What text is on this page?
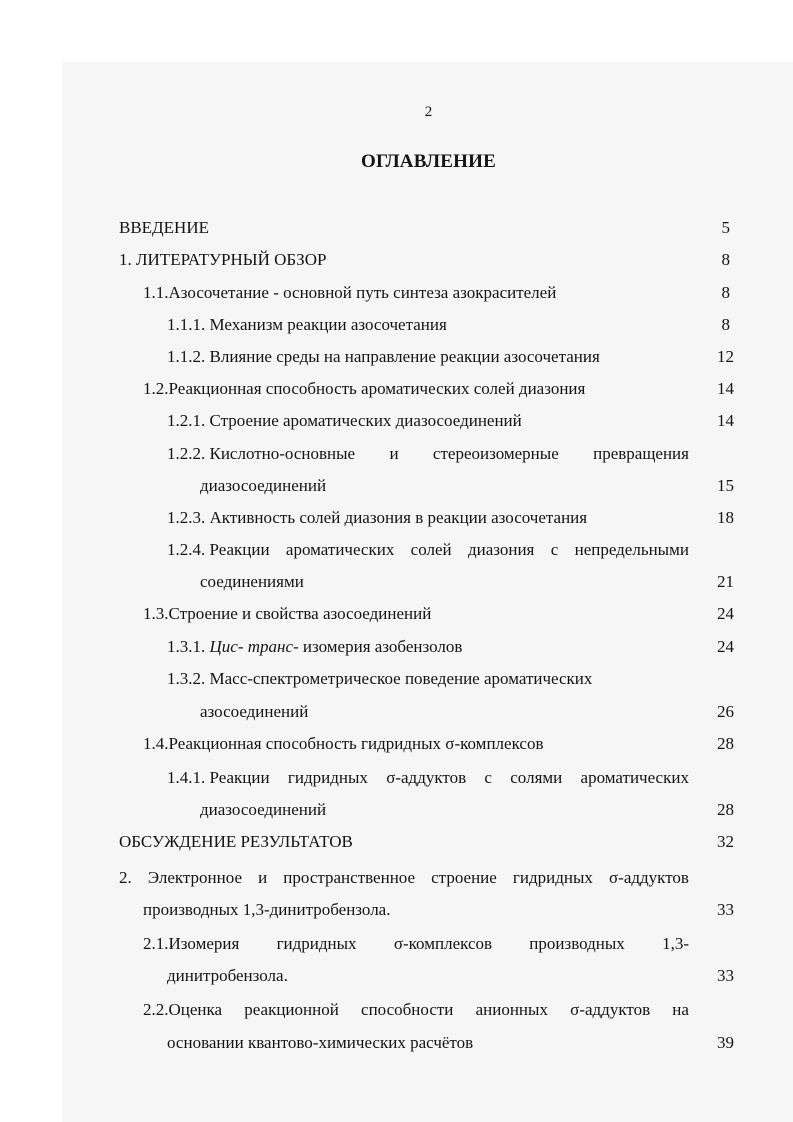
2
ОГЛАВЛЕНИЕ
ВВЕДЕНИЕ	5
1. ЛИТЕРАТУРНЫЙ ОБЗОР	8
1.1.Азосочетание - основной путь синтеза азокрасителей	8
1.1.1. Механизм реакции азосочетания	8
1.1.2. Влияние среды на направление реакции азосочетания	12
1.2.Реакционная способность ароматических солей диазония	14
1.2.1. Строение ароматических диазосоединений	14
1.2.2. Кислотно-основные и стереоизомерные превращения
диазосоединений	15
1.2.3. Активность солей диазония в реакции азосочетания	18
1.2.4. Реакции ароматических солей диазония с непредельными
соединениями	21
1.3.Строение и свойства азосоединений	24
1.3.1. Цис- транс- изомерия азобензолов	24
1.3.2. Масс-спектрометрическое поведение ароматических
азосоединений	26
1.4.Реакционная способность гидридных σ-комплексов	28
1.4.1. Реакции гидридных σ-аддуктов с солями ароматических
диазосоединений	28
ОБСУЖДЕНИЕ РЕЗУЛЬТАТОВ	32
2. Электронное и пространственное строение гидридных σ-аддуктов
производных 1,3-динитробензола.	33
2.1.Изомерия гидридных σ-комплексов производных 1,3-
динитробензола.	33
2.2.Оценка реакционной способности анионных σ-аддуктов на
основании квантово-химических расчётов	39
